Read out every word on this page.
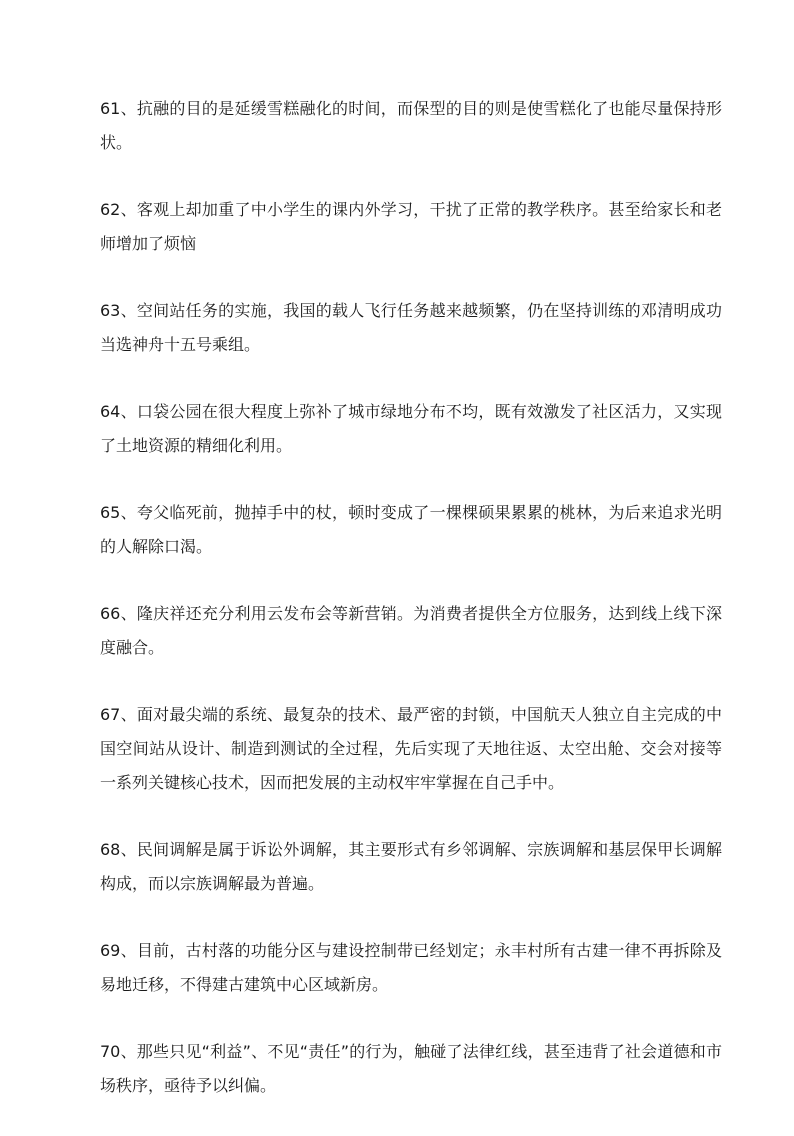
61、抗融的目的是延缓雪糕融化的时间，而保型的目的则是使雪糕化了也能尽量保持形状。

62、客观上却加重了中小学生的课内外学习，干扰了正常的教学秩序。甚至给家长和老师增加了烦恼

63、空间站任务的实施，我国的载人飞行任务越来越频繁，仍在坚持训练的邓清明成功当选神舟十五号乘组。

64、口袋公园在很大程度上弥补了城市绿地分布不均，既有效激发了社区活力，又实现了土地资源的精细化利用。

65、夸父临死前，抛掉手中的杖，顿时变成了一棵棵硕果累累的桃林，为后来追求光明的人解除口渴。

66、隆庆祥还充分利用云发布会等新营销。为消费者提供全方位服务，达到线上线下深度融合。

67、面对最尖端的系统、最复杂的技术、最严密的封锁，中国航天人独立自主完成的中国空间站从设计、制造到测试的全过程，先后实现了天地往返、太空出舱、交会对接等一系列关键核心技术，因而把发展的主动权牢牢掌握在自己手中。

68、民间调解是属于诉讼外调解，其主要形式有乡邻调解、宗族调解和基层保甲长调解构成，而以宗族调解最为普遍。

69、目前，古村落的功能分区与建设控制带已经划定；永丰村所有古建一律不再拆除及易地迁移，不得建古建筑中心区域新房。

70、那些只见“利益”、不见“责任”的行为，触碰了法律红线，甚至违背了社会道德和市场秩序，亟待予以纠偏。
